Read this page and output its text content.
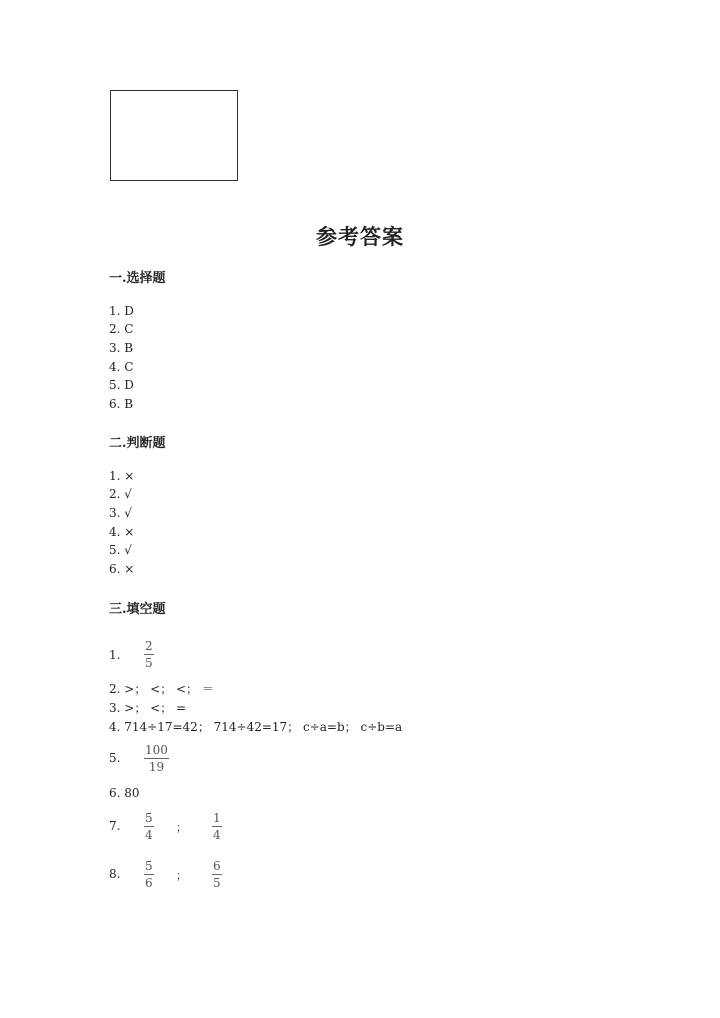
参考答案
一.选择题
1. D
2. C
3. B
4. C
5. D
6. B
二.判断题
1. ×
2. √
3. √
4. ×
5. √
6. ×
三.填空题
1.
2
5
2. >； <； <； ＝
3. >； <； =
4. 714÷17=42； 714÷42=17； c÷a=b； c÷b=a
5.
100
19
6. 80
7.
5
4
；
1
4
8.
5
6
；
6
5
